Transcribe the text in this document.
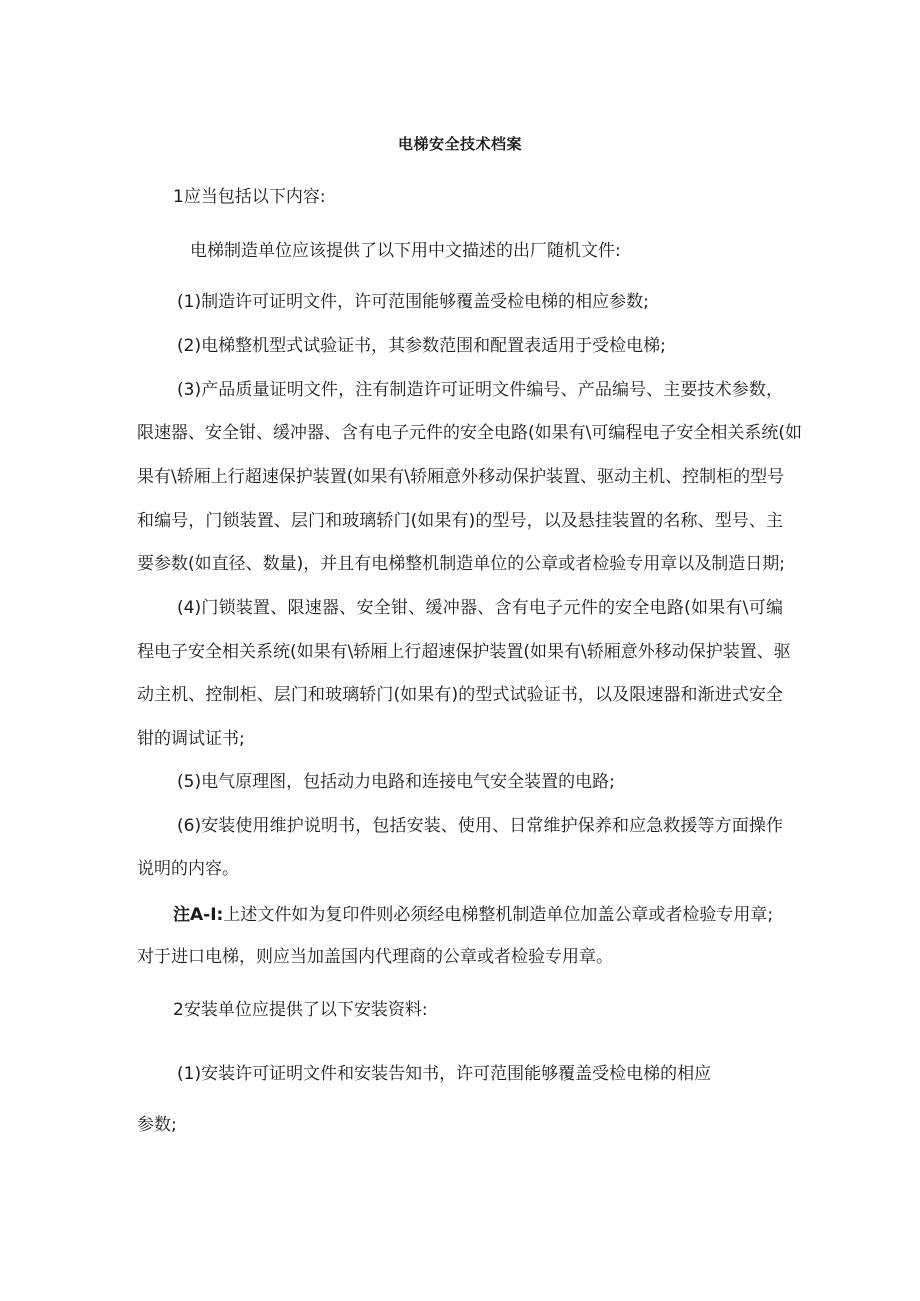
电梯安全技术档案
1应当包括以下内容:
电梯制造单位应该提供了以下用中文描述的出厂随机文件:
(1)制造许可证明文件，许可范围能够覆盖受检电梯的相应参数;
(2)电梯整机型式试验证书，其参数范围和配置表适用于受检电梯;
(3)产品质量证明文件，注有制造许可证明文件编号、产品编号、主要技术参数，
限速器、安全钳、缓冲器、含有电子元件的安全电路(如果有\可编程电子安全相关系统(如
果有\轿厢上行超速保护装置(如果有\轿厢意外移动保护装置、驱动主机、控制柜的型号
和编号，门锁装置、层门和玻璃轿门(如果有)的型号，以及悬挂装置的名称、型号、主
要参数(如直径、数量)，并且有电梯整机制造单位的公章或者检验专用章以及制造日期;
(4)门锁装置、限速器、安全钳、缓冲器、含有电子元件的安全电路(如果有\可编
程电子安全相关系统(如果有\轿厢上行超速保护装置(如果有\轿厢意外移动保护装置、驱
动主机、控制柜、层门和玻璃轿门(如果有)的型式试验证书，以及限速器和渐进式安全
钳的调试证书;
(5)电气原理图，包括动力电路和连接电气安全装置的电路;
(6)安装使用维护说明书，包括安装、使用、日常维护保养和应急救援等方面操作
说明的内容。
注A-I:上述文件如为复印件则必须经电梯整机制造单位加盖公章或者检验专用章;
对于进口电梯，则应当加盖国内代理商的公章或者检验专用章。
2安装单位应提供了以下安装资料:
(1)安装许可证明文件和安装告知书，许可范围能够覆盖受检电梯的相应
参数;
